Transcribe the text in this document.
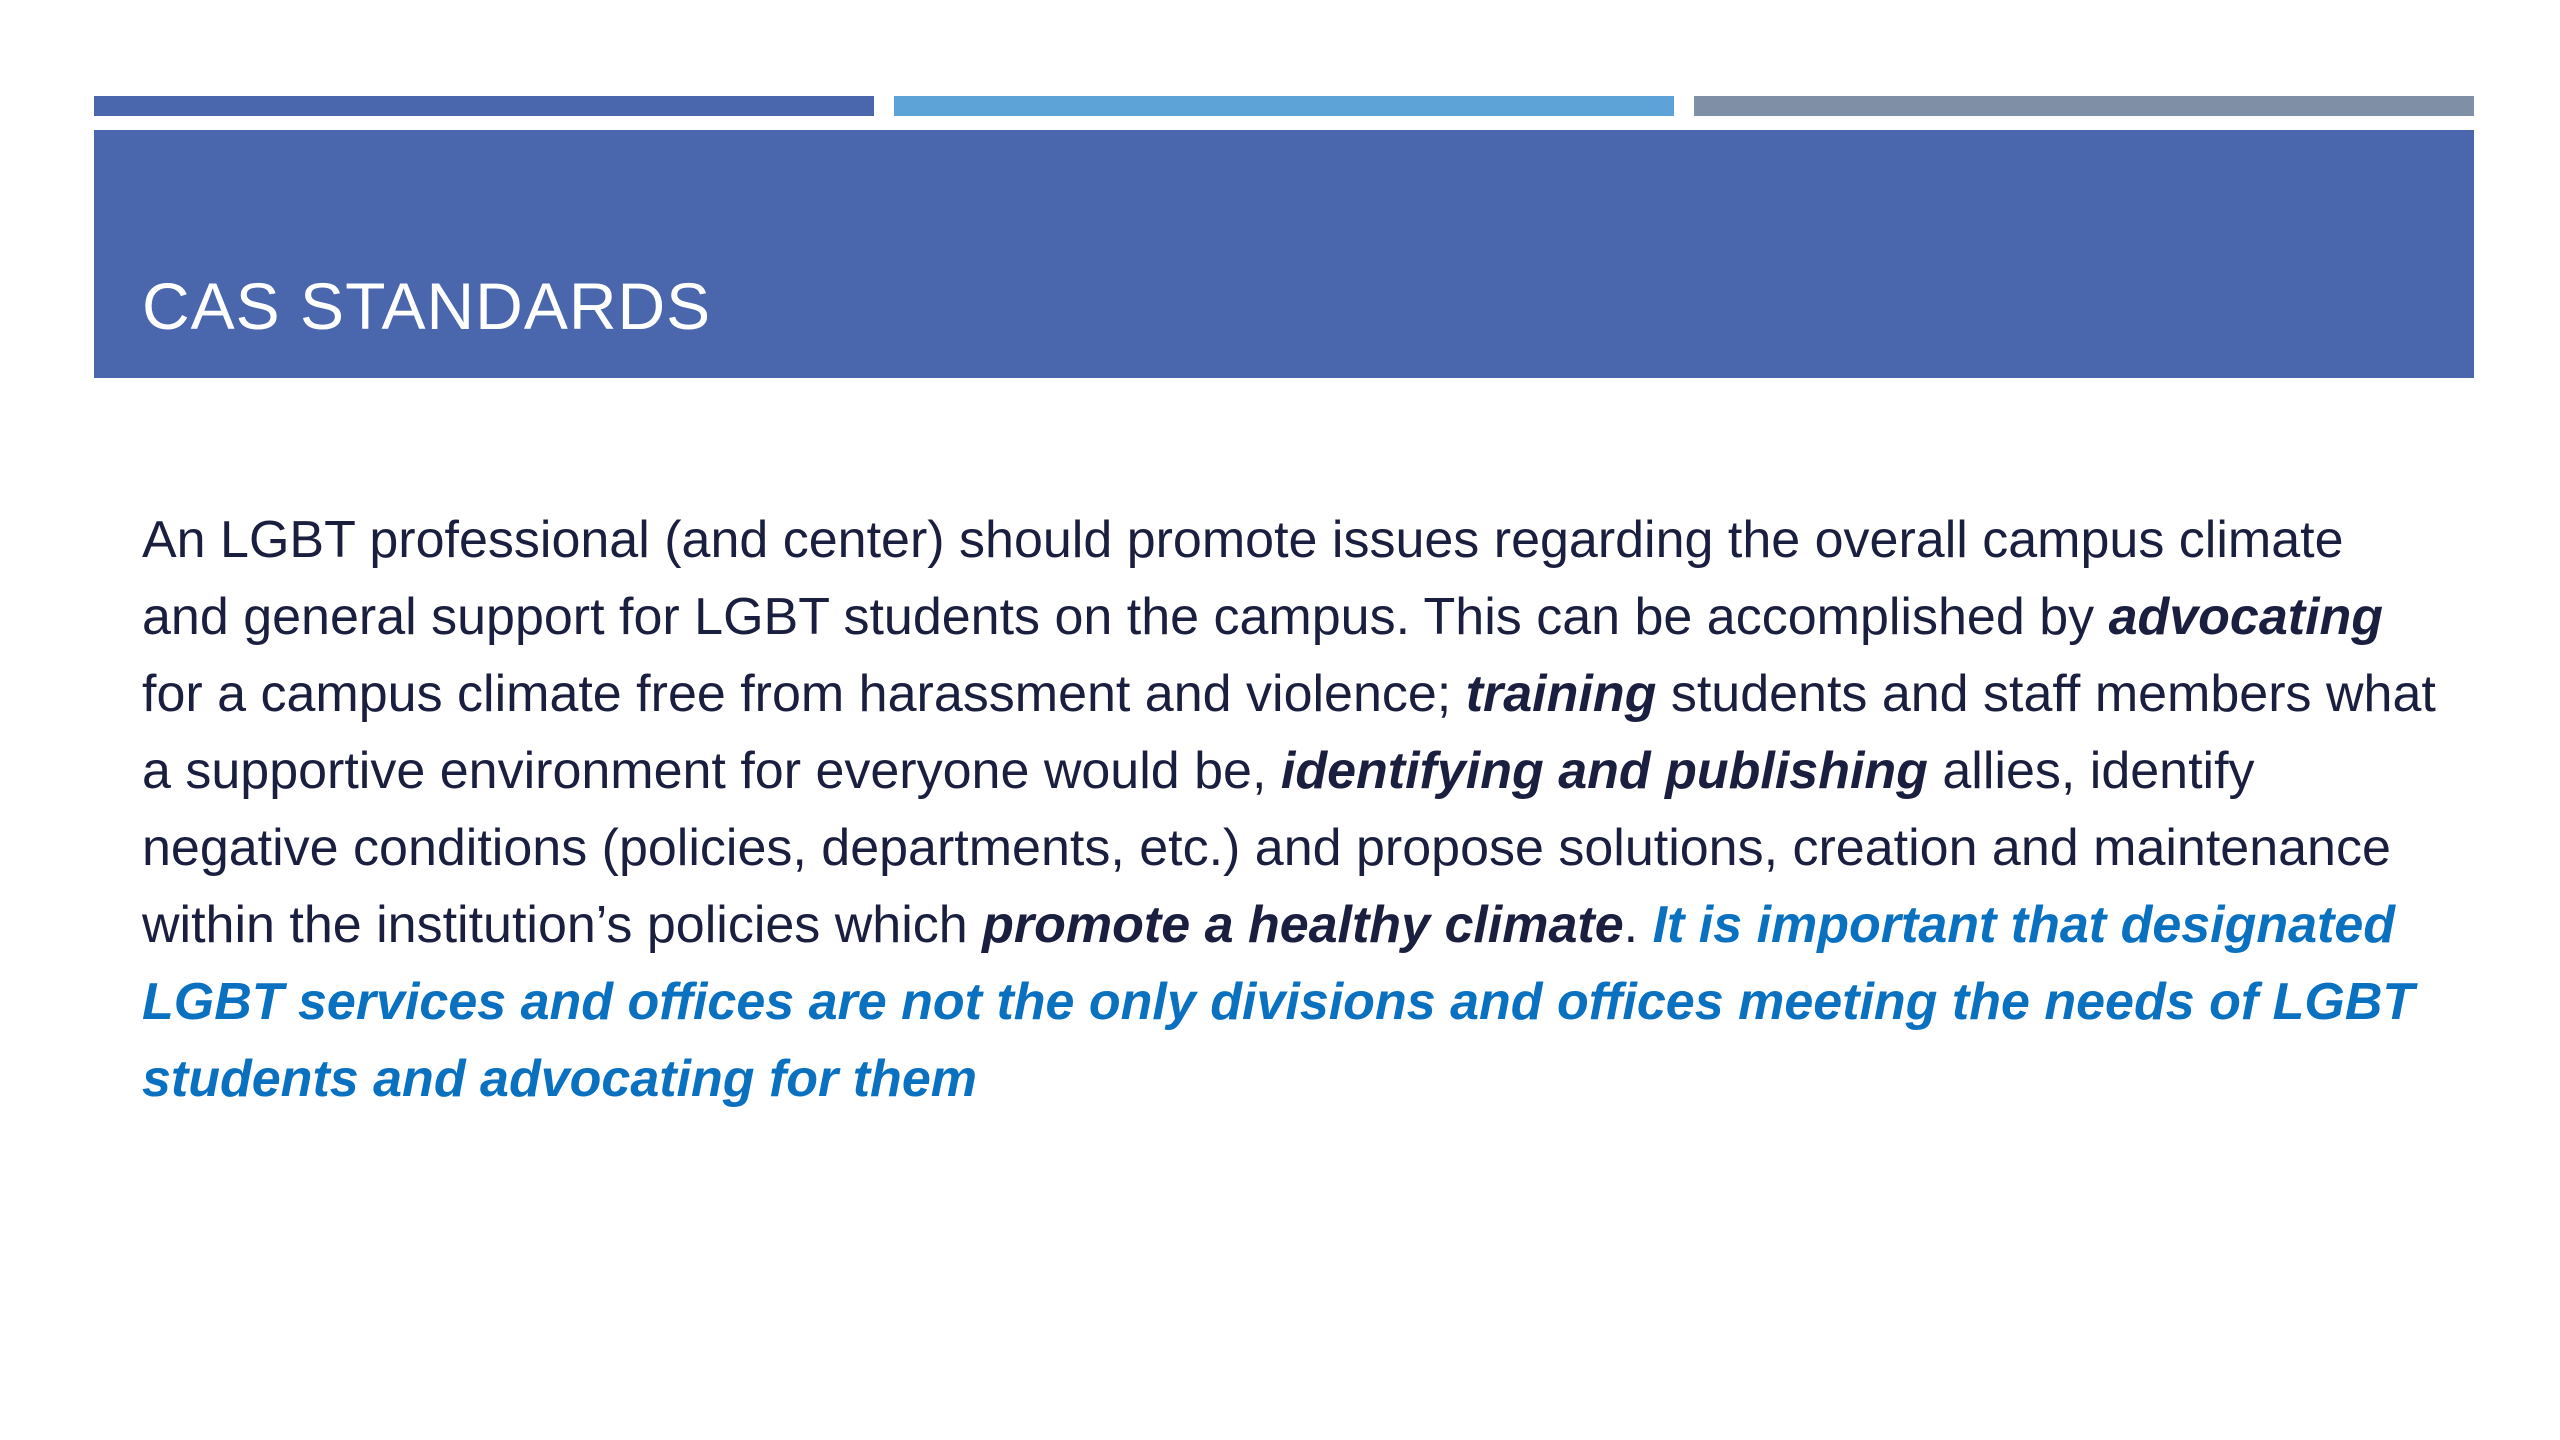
CAS STANDARDS

An LGBT professional (and center) should promote issues regarding the overall campus climate and general support for LGBT students on the campus. This can be accomplished by advocating for a campus climate free from harassment and violence; training students and staff members what a supportive environment for everyone would be, identifying and publishing allies, identify negative conditions (policies, departments, etc.) and propose solutions, creation and maintenance within the institution’s policies which promote a healthy climate. It is important that designated LGBT services and offices are not the only divisions and offices meeting the needs of LGBT students and advocating for them
